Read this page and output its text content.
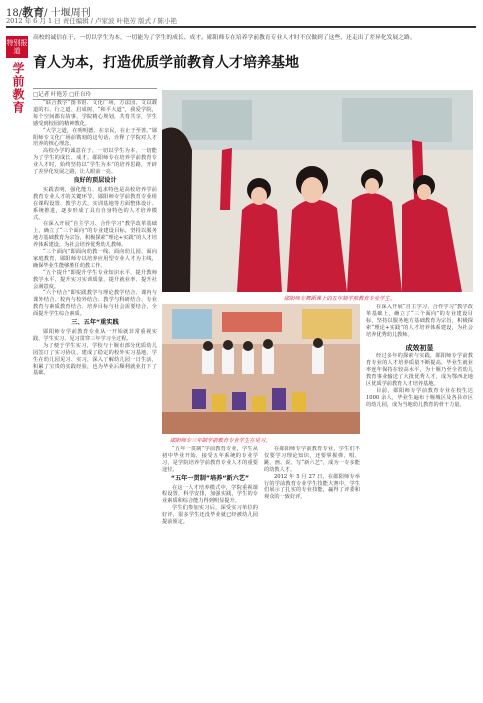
18/教育/ 十堰周刊
2012 年 6 月 1 日 责任编辑 / 卢家波 叶艳芳 版式 / 陈小艳
特别报道
学前教育
高校的诚信在于，一切以学生为本，一切能为了学生的成长、成才。郧阳师专在培养学前教育专业人才时不仅做到了这些，还走出了差异化发展之路。
育人为本，打造优质学前教育人才培养基地
□记者 叶艳芳 □任自玲

“联合教学”图书馆、文化广场，方法园、文以载道的石、行之道、启成树，“和平大道”，我爱学院，每个空间都有故事，学院精心规划，共育共享，学生感受到校园的精神教化。

“大学之道，在明明德，在亲民，在止于至善。”郧阳师专文化广场前镌刻的这句话，诠释了学院对人才培养的核心理念。

高校办学的诚意在于，一切以学生为本，一切能为了学生的成长、成才。郧阳师专在培养学前教育专业人才时，始终坚持以“学生为本”的培养思路，开辟了差异化发展之路，让人眼前一亮。

良好的顶层设计

实践表明，强化能力、追求特色是高校培养学前教育专业人才的关键环节。郧阳师专学前教育专业组在课程设置、教学方式、实训基地等方面整体设计、系统推进，逐步形成了具有自身特色的人才培养模式。

在深入开展“自主学习、合作学习”教学改革基础上，确立了“三个面向”的专业建设目标，坚持以服务地方基础教育为宗旨，积极探索“理论+实践”的人才培养体系建设，为社会培养优秀幼儿教师。

“三个面向”即面向幼教一线、面向幼儿园、面向家庭教育，郧阳师专以培养应用型专业人才为主线，确保毕业生能够胜任幼教工作。

“五个提升”即提升学生专业知识水平、提升教师教学水平、提升实习实训质量、提升就业率、提升社会满意度。

“六个结合”即实践教学与理论教学结合、课内与课外结合、校内与校外结合、教学与科研结合、专业教育与素质教育结合、培养目标与社会需要结合，全面提升学生综合素质。

三、五年“重实践

郧阳师专学前教育专业从一开始就非常重视实践，学生实习、见习贯穿三年学习全过程。

为了便于学生实习，学校与十堰市部分优质幼儿园签订了实习协议，建成了稳定的校外实习基地，学生在幼儿园见习、实习，深入了解幼儿园一日生活，积累了宝贵的实践经验，也为毕业后顺利就业打下了基础。

郧阳师专舞蹈课上的五年制学前教育专业学生。
郧阳师专三年制学前教育专业学生在见习。

“五年一贯制”学前教育专业，学生从初中毕业开始，接受五年系统的专业学习，是学院培养学前教育专业人才的重要途径。

“五年一贯制”培养“新六艺”

在这一人才培养模式中，学院重视课程设置，科学安排，加强实践，学生的专业素质和综合能力得到明显提升。

学生们参加实习后，深受实习单位的好评，很多学生还没毕业就已经被幼儿园提前预定。

在郧阳师专学前教育专业，学生们不仅要学习理论知识，还要掌握弹、唱、跳、画、说、写“新六艺”，成为一专多能的幼教人才。

2012 年 5 月 27 日，在郧阳师专举行的学前教育专业学生技能大赛中，学生们展示了扎实的专业技能，赢得了评委和观众的一致好评。

在深入开展“自主学习、合作学习”教学改革基础上，确立了“三个面向”的专业建设目标，坚持以服务地方基础教育为宗旨，积极探索“理论+实践”的人才培养体系建设，为社会培养优秀幼儿教师。

成效初显

经过多年的探索与实践，郧阳师专学前教育专业的人才培养质量不断提高，毕业生就业率连年保持在较高水平，为十堰乃至全省幼儿教育事业输送了大批优秀人才，成为鄂西北地区优质学前教育人才培养基地。

目前，郧阳师专学前教育专业在校生达 1000 余人，毕业生遍布十堰城区及各县市区的幼儿园，成为当地幼儿教育的骨干力量。
